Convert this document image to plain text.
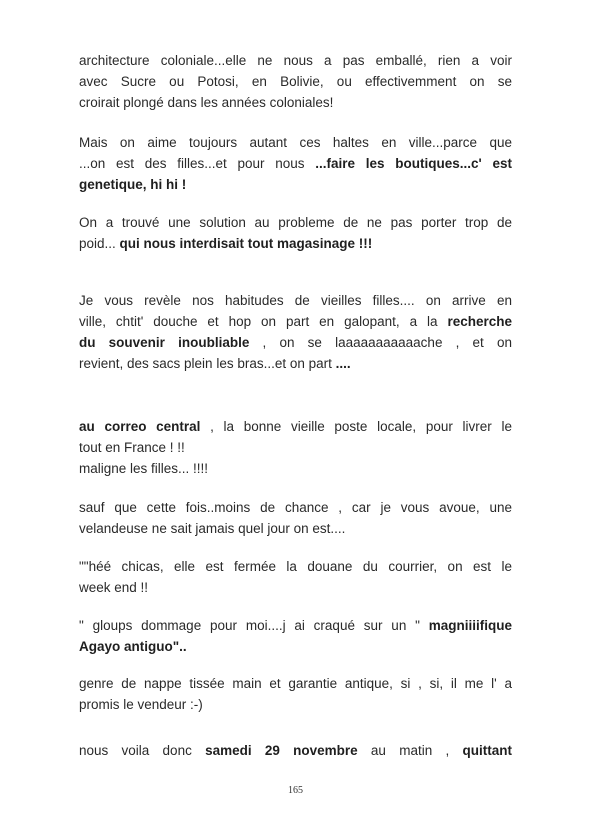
architecture coloniale...elle ne nous a pas emballé, rien a voir
avec Sucre ou Potosi, en Bolivie, ou effectivemment on se
croirait plongé dans les années coloniales!

Mais on aime toujours autant ces haltes en ville...parce que
...on est des filles...et pour nous ...faire les boutiques...c' est
genetique, hi hi !

On a trouvé une solution au probleme de ne pas porter trop de
poid... qui nous interdisait tout magasinage !!!

Je vous revèle nos habitudes de vieilles filles.... on arrive en
ville, chtit' douche et hop on part en galopant, a la recherche
du souvenir inoubliable , on se laaaaaaaaaaache , et on
revient, des sacs plein les bras...et on part ....

au correo central , la bonne vieille poste locale, pour livrer le
tout en France ! !!
maligne les filles... !!!!

sauf que cette fois..moins de chance , car je vous avoue, une
velandeuse ne sait jamais quel jour on est....

""héé chicas, elle est fermée la douane du courrier, on est le
week end !!

" gloups dommage pour moi....j ai craqué sur un " magniiiifique
Agayo antiguo"..

genre de nappe tissée main et garantie antique, si , si, il me l' a
promis le vendeur :-)

nous voila donc samedi 29 novembre au matin , quittant

165
